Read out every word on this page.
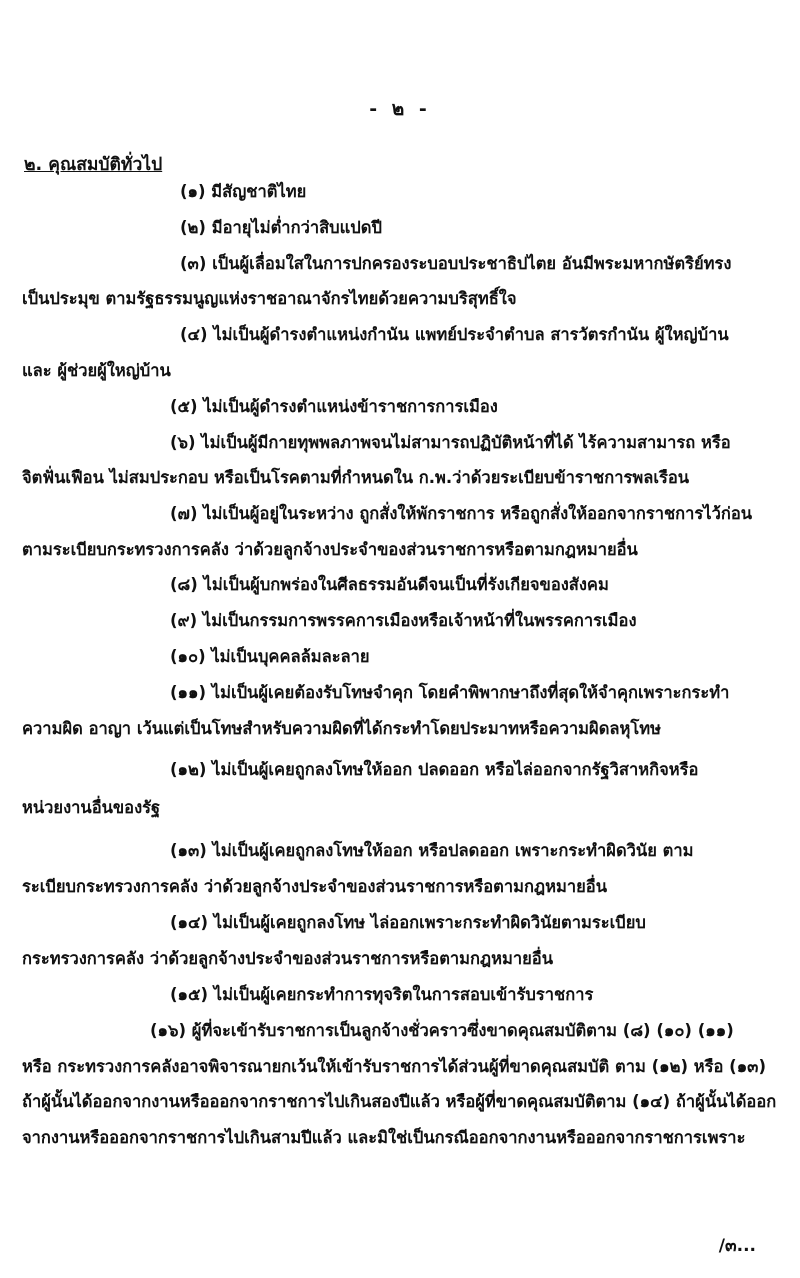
- ๒ -
๒. คุณสมบัติทั่วไป
(๑) มีสัญชาติไทย
(๒) มีอายุไม่ต่ำกว่าสิบแปดปี
(๓) เป็นผู้เลื่อมใสในการปกครองระบอบประชาธิปไตย อันมีพระมหากษัตริย์ทรง
เป็นประมุข ตามรัฐธรรมนูญแห่งราชอาณาจักรไทยด้วยความบริสุทธิ์ใจ
(๔) ไม่เป็นผู้ดำรงตำแหน่งกำนัน แพทย์ประจำตำบล สารวัตรกำนัน ผู้ใหญ่บ้าน
และ ผู้ช่วยผู้ใหญ่บ้าน
(๕) ไม่เป็นผู้ดำรงตำแหน่งข้าราชการการเมือง
(๖) ไม่เป็นผู้มีกายทุพพลภาพจนไม่สามารถปฏิบัติหน้าที่ได้ ไร้ความสามารถ หรือ
จิตฟั่นเฟือน ไม่สมประกอบ หรือเป็นโรคตามที่กำหนดใน ก.พ.ว่าด้วยระเบียบข้าราชการพลเรือน
(๗) ไม่เป็นผู้อยู่ในระหว่าง ถูกสั่งให้พักราชการ หรือถูกสั่งให้ออกจากราชการไว้ก่อน
ตามระเบียบกระทรวงการคลัง ว่าด้วยลูกจ้างประจำของส่วนราชการหรือตามกฎหมายอื่น
(๘) ไม่เป็นผู้บกพร่องในศีลธรรมอันดีจนเป็นที่รังเกียจของสังคม
(๙) ไม่เป็นกรรมการพรรคการเมืองหรือเจ้าหน้าที่ในพรรคการเมือง
(๑๐) ไม่เป็นบุคคลล้มละลาย
(๑๑) ไม่เป็นผู้เคยต้องรับโทษจำคุก โดยคำพิพากษาถึงที่สุดให้จำคุกเพราะกระทำ
ความผิด อาญา เว้นแต่เป็นโทษสำหรับความผิดที่ได้กระทำโดยประมาทหรือความผิดลหุโทษ
(๑๒) ไม่เป็นผู้เคยถูกลงโทษให้ออก ปลดออก หรือไล่ออกจากรัฐวิสาหกิจหรือ
หน่วยงานอื่นของรัฐ
(๑๓) ไม่เป็นผู้เคยถูกลงโทษให้ออก หรือปลดออก เพราะกระทำผิดวินัย ตาม
ระเบียบกระทรวงการคลัง ว่าด้วยลูกจ้างประจำของส่วนราชการหรือตามกฎหมายอื่น
(๑๔) ไม่เป็นผู้เคยถูกลงโทษ ไล่ออกเพราะกระทำผิดวินัยตามระเบียบ
กระทรวงการคลัง ว่าด้วยลูกจ้างประจำของส่วนราชการหรือตามกฎหมายอื่น
(๑๕) ไม่เป็นผู้เคยกระทำการทุจริตในการสอบเข้ารับราชการ
(๑๖) ผู้ที่จะเข้ารับราชการเป็นลูกจ้างชั่วคราวซึ่งขาดคุณสมบัติตาม (๘) (๑๐) (๑๑)
หรือ กระทรวงการคลังอาจพิจารณายกเว้นให้เข้ารับราชการได้ส่วนผู้ที่ขาดคุณสมบัติ ตาม (๑๒) หรือ (๑๓)
ถ้าผู้นั้นได้ออกจากงานหรือออกจากราชการไปเกินสองปีแล้ว หรือผู้ที่ขาดคุณสมบัติตาม (๑๔) ถ้าผู้นั้นได้ออก
จากงานหรือออกจากราชการไปเกินสามปีแล้ว และมิใช่เป็นกรณีออกจากงานหรือออกจากราชการเพราะ
/๓...
